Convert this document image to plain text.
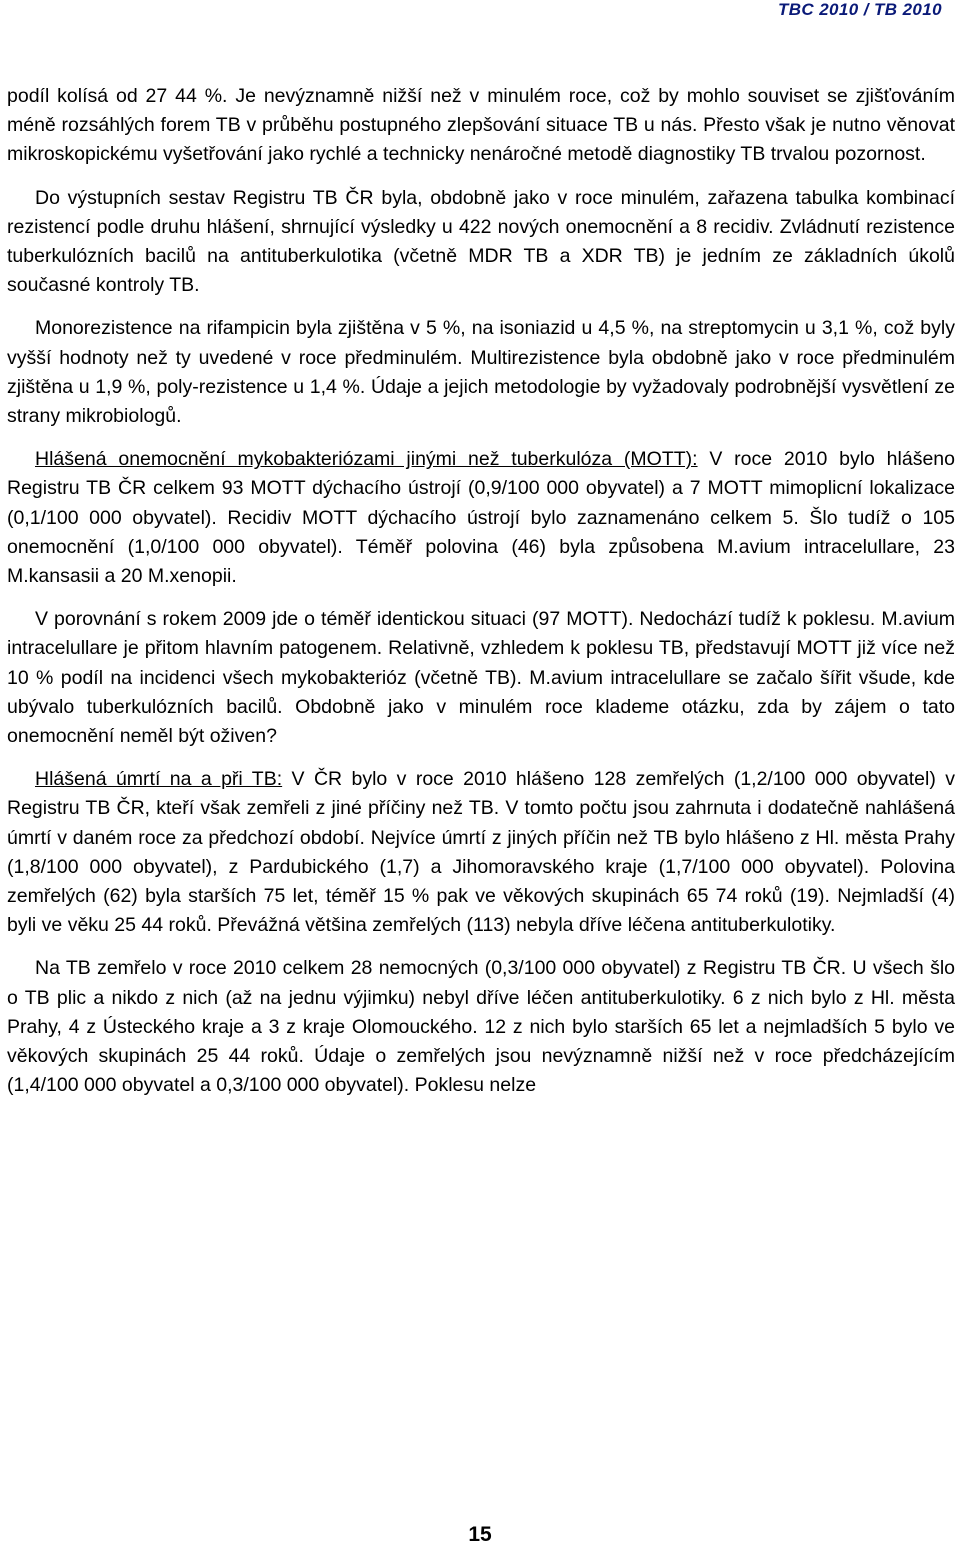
TBC 2010 / TB 2010

podíl kolísá od 27 44 %. Je nevýznamně nižší než v minulém roce, což by mohlo souviset se zjišťováním méně rozsáhlých forem TB v průběhu postupného zlepšování situace TB u nás. Přesto však je nutno věnovat mikroskopickému vyšetřování jako rychlé a technicky nenáročné metodě diagnostiky TB trvalou pozornost.

Do výstupních sestav Registru TB ČR byla, obdobně jako v roce minulém, zařazena tabulka kombinací rezistencí podle druhu hlášení, shrnující výsledky u 422 nových onemocnění a 8 recidiv. Zvládnutí rezistence tuberkulózních bacilů na antituberkulotika (včetně MDR TB a XDR TB) je jedním ze základních úkolů současné kontroly TB.

Monorezistence na rifampicin byla zjištěna v 5 %, na isoniazid u 4,5 %, na streptomycin u 3,1 %, což byly vyšší hodnoty než ty uvedené v roce předminulém. Multirezistence byla obdobně jako v roce předminulém zjištěna u 1,9 %, poly-rezistence u 1,4 %. Údaje a jejich metodologie by vyžadovaly podrobnější vysvětlení ze strany mikrobiologů.

Hlášená onemocnění mykobakteriózami jinými než tuberkulóza (MOTT): V roce 2010 bylo hlášeno Registru TB ČR celkem 93 MOTT dýchacího ústrojí (0,9/100 000 obyvatel) a 7 MOTT mimoplicní lokalizace (0,1/100 000 obyvatel). Recidiv MOTT dýchacího ústrojí bylo zaznamenáno celkem 5. Šlo tudíž o 105 onemocnění (1,0/100 000 obyvatel). Téměř polovina (46) byla způsobena M.avium intracelullare, 23 M.kansasii a 20 M.xenopii.

V porovnání s rokem 2009 jde o téměř identickou situaci (97 MOTT). Nedochází tudíž k poklesu. M.avium intracelullare je přitom hlavním patogenem. Relativně, vzhledem k poklesu TB, představují MOTT již více než 10 % podíl na incidenci všech mykobakterióz (včetně TB). M.avium intracelullare se začalo šířit všude, kde ubývalo tuberkulózních bacilů. Obdobně jako v minulém roce klademe otázku, zda by zájem o tato onemocnění neměl být oživen?

Hlášená úmrtí na a při TB: V ČR bylo v roce 2010 hlášeno 128 zemřelých (1,2/100 000 obyvatel) v Registru TB ČR, kteří však zemřeli z jiné příčiny než TB. V tomto počtu jsou zahrnuta i dodatečně nahlášená úmrtí v daném roce za předchozí období. Nejvíce úmrtí z jiných příčin než TB bylo hlášeno z Hl. města Prahy (1,8/100 000 obyvatel), z Pardubického (1,7) a Jihomoravského kraje (1,7/100 000 obyvatel). Polovina zemřelých (62) byla starších 75 let, téměř 15 % pak ve věkových skupinách 65 74 roků (19). Nejmladší (4) byli ve věku 25 44 roků. Převážná většina zemřelých (113) nebyla dříve léčena antituberkulotiky.

Na TB zemřelo v roce 2010 celkem 28 nemocných (0,3/100 000 obyvatel) z Registru TB ČR. U všech šlo o TB plic a nikdo z nich (až na jednu výjimku) nebyl dříve léčen antituberkulotiky. 6 z nich bylo z Hl. města Prahy, 4 z Ústeckého kraje a 3 z kraje Olomouckého. 12 z nich bylo starších 65 let a nejmladších 5 bylo ve věkových skupinách 25 44 roků. Údaje o zemřelých jsou nevýznamně nižší než v roce předcházejícím (1,4/100 000 obyvatel a 0,3/100 000 obyvatel). Poklesu nelze

15
